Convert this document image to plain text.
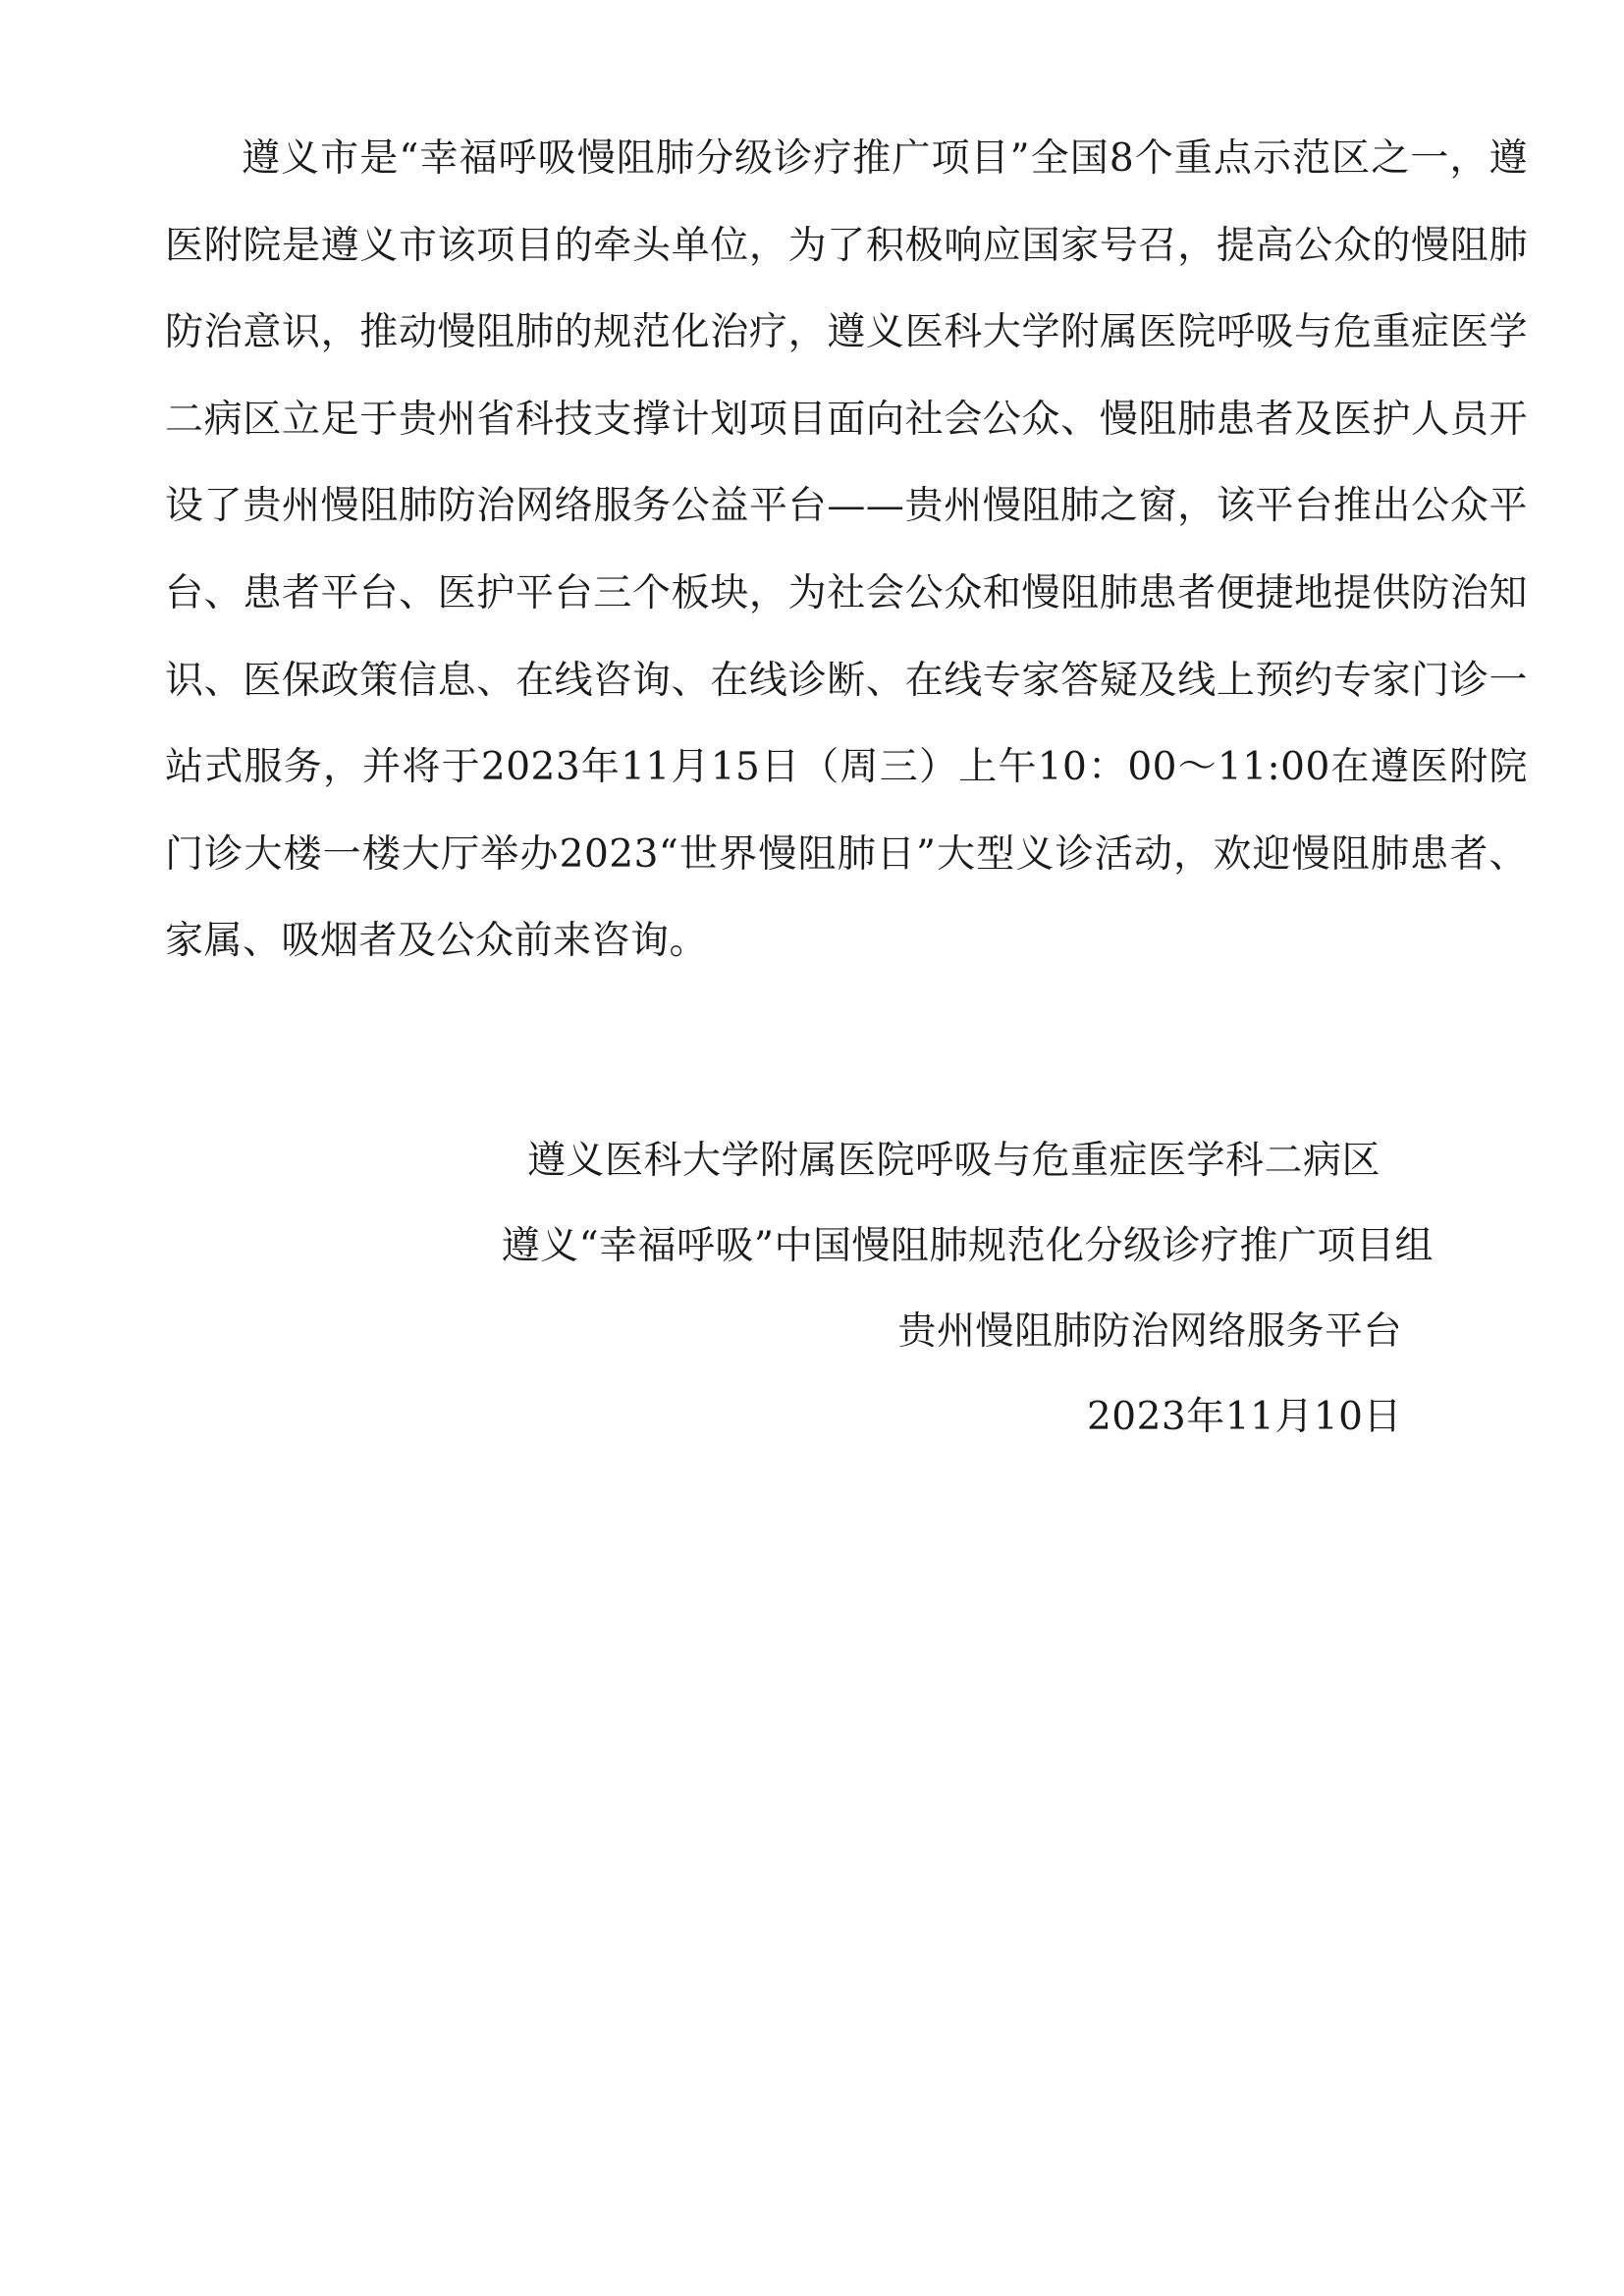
遵义市是“幸福呼吸慢阻肺分级诊疗推广项目”全国8个重点示范区之一，遵医附院是遵义市该项目的牵头单位，为了积极响应国家号召，提高公众的慢阻肺防治意识，推动慢阻肺的规范化治疗，遵义医科大学附属医院呼吸与危重症医学二病区立足于贵州省科技支撑计划项目面向社会公众、慢阻肺患者及医护人员开设了贵州慢阻肺防治网络服务公益平台——贵州慢阻肺之窗，该平台推出公众平台、患者平台、医护平台三个板块，为社会公众和慢阻肺患者便捷地提供防治知识、医保政策信息、在线咨询、在线诊断、在线专家答疑及线上预约专家门诊一站式服务，并将于2023年11月15日（周三）上午10：00～11:00在遵医附院门诊大楼一楼大厅举办2023“世界慢阻肺日”大型义诊活动，欢迎慢阻肺患者、家属、吸烟者及公众前来咨询。

遵义医科大学附属医院呼吸与危重症医学科二病区

遵义“幸福呼吸”中国慢阻肺规范化分级诊疗推广项目组

贵州慢阻肺防治网络服务平台

2023年11月10日
